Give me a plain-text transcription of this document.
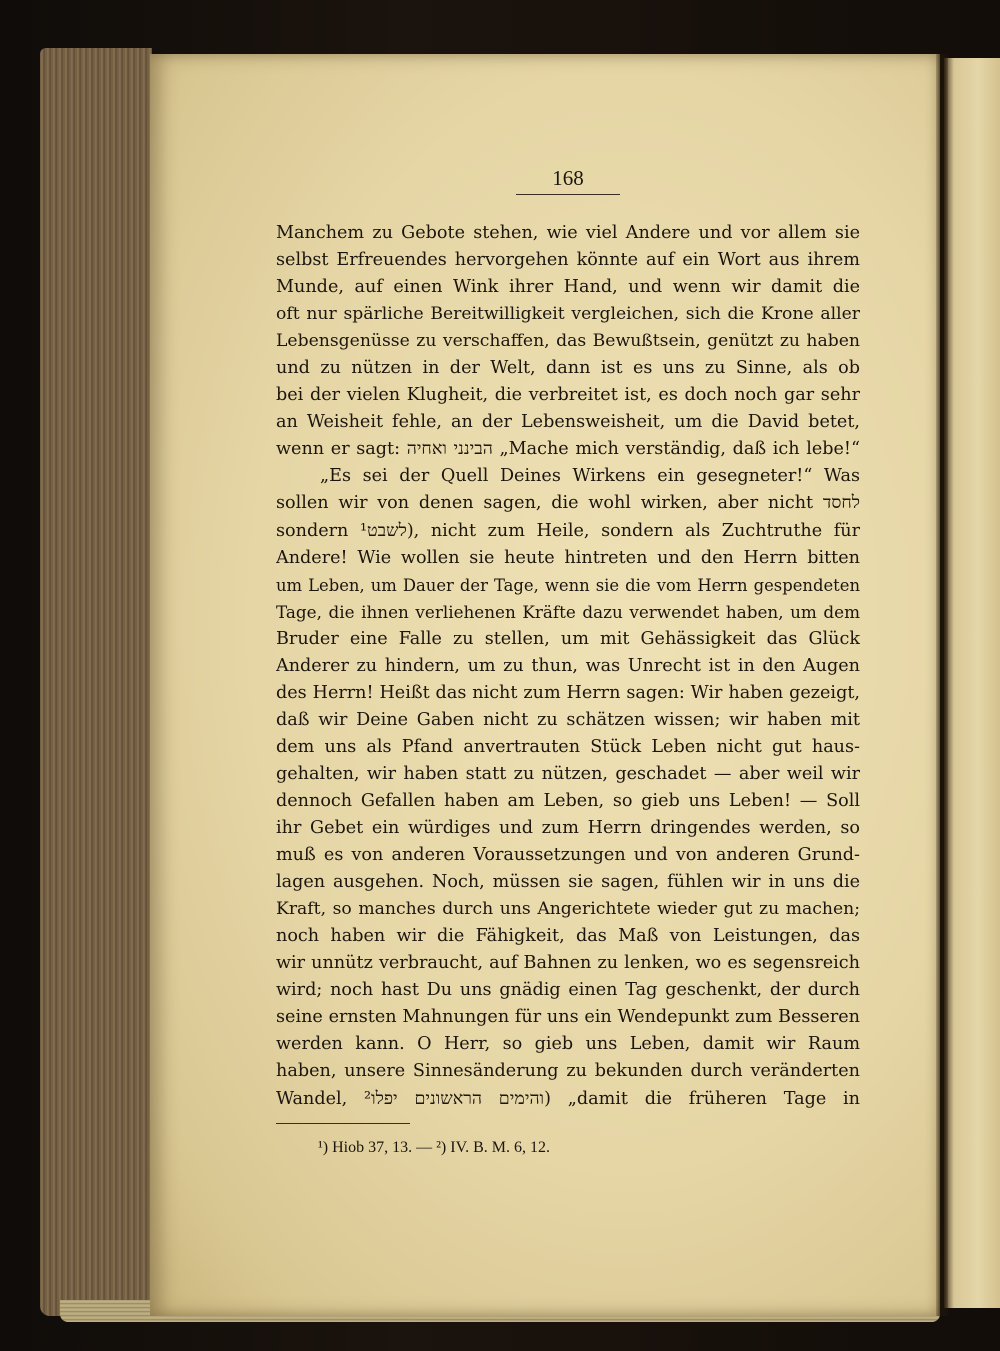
168
Manchem zu Gebote stehen, wie viel Andere und vor allem sie
selbst Erfreuendes hervorgehen könnte auf ein Wort aus ihrem
Munde, auf einen Wink ihrer Hand, und wenn wir damit die
oft nur spärliche Bereitwilligkeit vergleichen, sich die Krone aller
Lebensgenüsse zu verschaffen, das Bewußtsein, genützt zu haben
und zu nützen in der Welt, dann ist es uns zu Sinne, als ob
bei der vielen Klugheit, die verbreitet ist, es doch noch gar sehr
an Weisheit fehle, an der Lebensweisheit, um die David betet,
wenn er sagt: הבינני ואחיה „Mache mich verständig, daß ich lebe!“
„Es sei der Quell Deines Wirkens ein gesegneter!“ Was
sollen wir von denen sagen, die wohl wirken, aber nicht לחסד
sondern לשבט¹), nicht zum Heile, sondern als Zuchtruthe für
Andere! Wie wollen sie heute hintreten und den Herrn bitten
um Leben, um Dauer der Tage, wenn sie die vom Herrn gespendeten
Tage, die ihnen verliehenen Kräfte dazu verwendet haben, um dem
Bruder eine Falle zu stellen, um mit Gehässigkeit das Glück
Anderer zu hindern, um zu thun, was Unrecht ist in den Augen
des Herrn! Heißt das nicht zum Herrn sagen: Wir haben gezeigt,
daß wir Deine Gaben nicht zu schätzen wissen; wir haben mit
dem uns als Pfand anvertrauten Stück Leben nicht gut haus-
gehalten, wir haben statt zu nützen, geschadet — aber weil wir
dennoch Gefallen haben am Leben, so gieb uns Leben! — Soll
ihr Gebet ein würdiges und zum Herrn dringendes werden, so
muß es von anderen Voraussetzungen und von anderen Grund-
lagen ausgehen. Noch, müssen sie sagen, fühlen wir in uns die
Kraft, so manches durch uns Angerichtete wieder gut zu machen;
noch haben wir die Fähigkeit, das Maß von Leistungen, das
wir unnütz verbraucht, auf Bahnen zu lenken, wo es segensreich
wird; noch hast Du uns gnädig einen Tag geschenkt, der durch
seine ernsten Mahnungen für uns ein Wendepunkt zum Besseren
werden kann. O Herr, so gieb uns Leben, damit wir Raum
haben, unsere Sinnesänderung zu bekunden durch veränderten
Wandel, והימים הראשונים יפלו²) „damit die früheren Tage in
¹) Hiob 37, 13. — ²) IV. B. M. 6, 12.
